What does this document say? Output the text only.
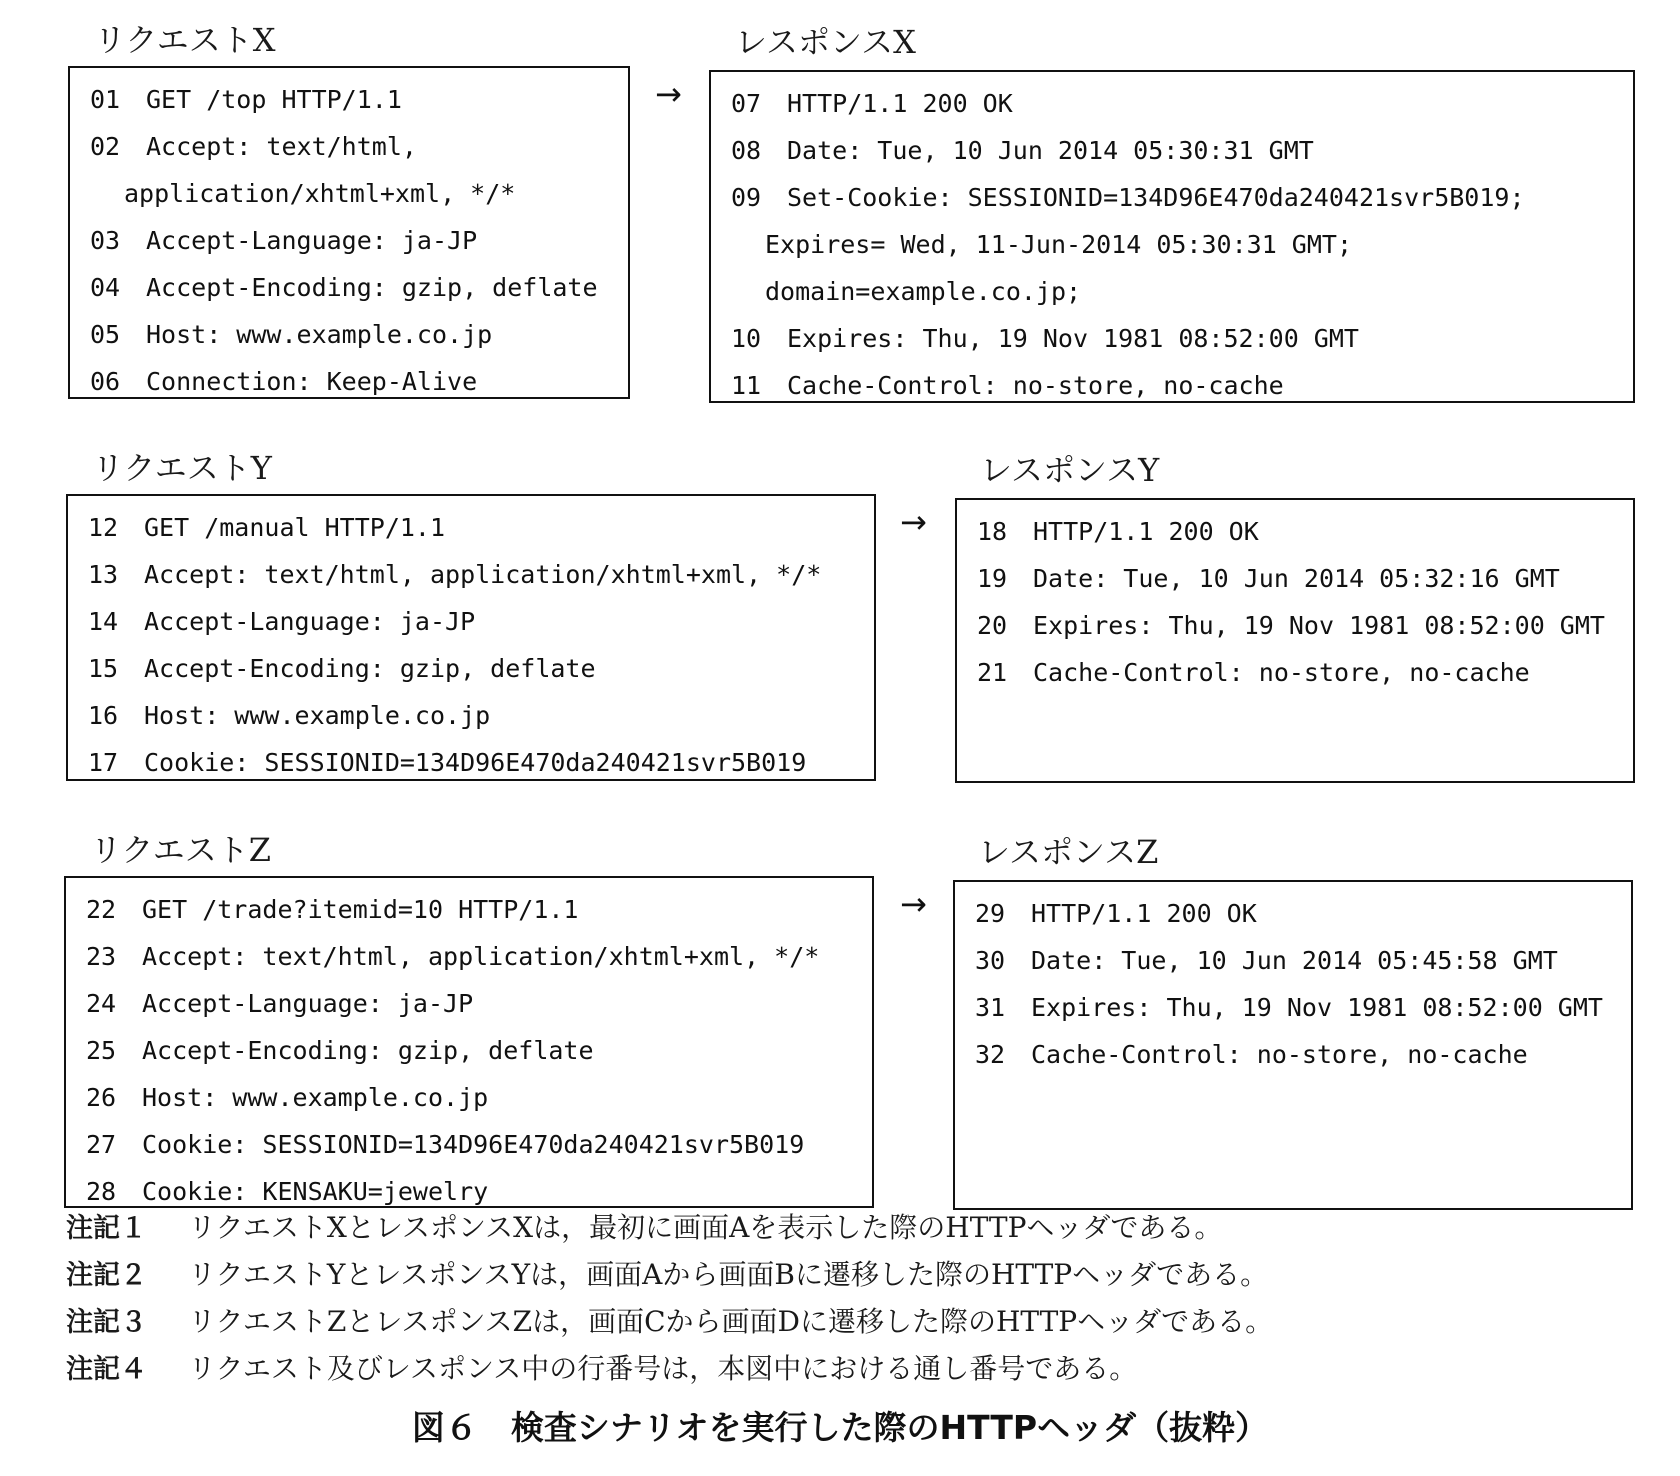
リクエストX	レスポンスX
01 GET /top HTTP/1.1
02 Accept: text/html,
application/xhtml+xml, */*
03 Accept-Language: ja-JP
04 Accept-Encoding: gzip, deflate
05 Host: www.example.co.jp
06 Connection: Keep-Alive
→ 07 HTTP/1.1 200 OK
08 Date: Tue, 10 Jun 2014 05:30:31 GMT
09 Set-Cookie: SESSIONID=134D96E470da240421svr5B019;
Expires= Wed, 11-Jun-2014 05:30:31 GMT;
domain=example.co.jp;
10 Expires: Thu, 19 Nov 1981 08:52:00 GMT
11 Cache-Control: no-store, no-cache
リクエストY	レスポンスY
12 GET /manual HTTP/1.1
13 Accept: text/html, application/xhtml+xml, */*
14 Accept-Language: ja-JP
15 Accept-Encoding: gzip, deflate
16 Host: www.example.co.jp
17 Cookie: SESSIONID=134D96E470da240421svr5B019
→ 18 HTTP/1.1 200 OK
19 Date: Tue, 10 Jun 2014 05:32:16 GMT
20 Expires: Thu, 19 Nov 1981 08:52:00 GMT
21 Cache-Control: no-store, no-cache
リクエストZ	レスポンスZ
22 GET /trade?itemid=10 HTTP/1.1
23 Accept: text/html, application/xhtml+xml, */*
24 Accept-Language: ja-JP
25 Accept-Encoding: gzip, deflate
26 Host: www.example.co.jp
27 Cookie: SESSIONID=134D96E470da240421svr5B019
28 Cookie: KENSAKU=jewelry
→ 29 HTTP/1.1 200 OK
30 Date: Tue, 10 Jun 2014 05:45:58 GMT
31 Expires: Thu, 19 Nov 1981 08:52:00 GMT
32 Cache-Control: no-store, no-cache
注記１ リクエストXとレスポンスXは，最初に画面Aを表示した際のHTTPヘッダである。
注記２ リクエストYとレスポンスYは，画面Aから画面Bに遷移した際のHTTPヘッダである。
注記３ リクエストZとレスポンスZは，画面Cから画面Dに遷移した際のHTTPヘッダである。
注記４ リクエスト及びレスポンス中の行番号は，本図中における通し番号である。
図６　検査シナリオを実行した際のHTTPヘッダ（抜粋）
